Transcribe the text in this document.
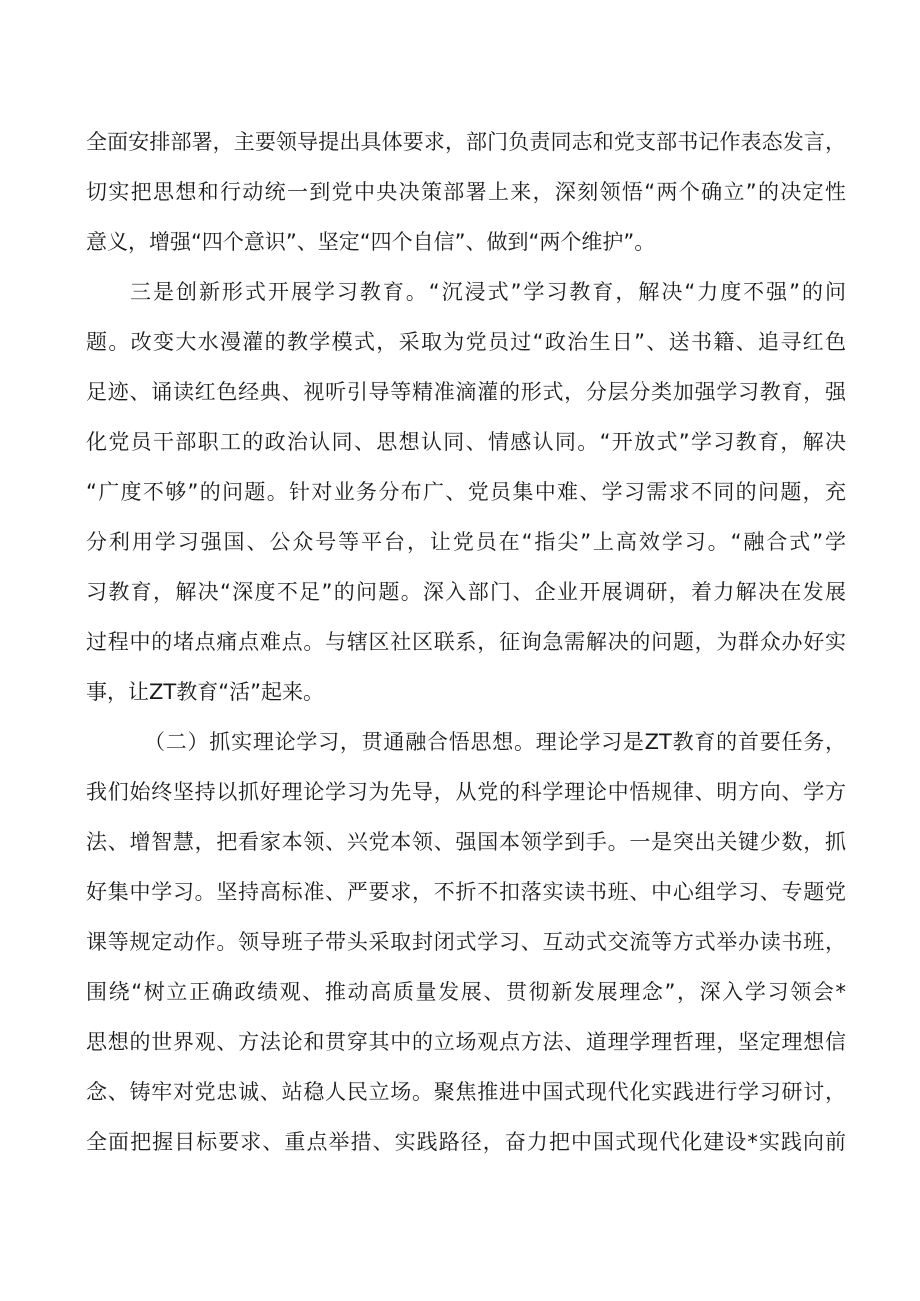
全面安排部署，主要领导提出具体要求，部门负责同志和党支部书记作表态发言，
切实把思想和行动统一到党中央决策部署上来，深刻领悟“两个确立”的决定性
意义，增强“四个意识”、坚定“四个自信”、做到“两个维护”。
三是创新形式开展学习教育。“沉浸式”学习教育，解决“力度不强”的问
题。改变大水漫灌的教学模式，采取为党员过“政治生日”、送书籍、追寻红色
足迹、诵读红色经典、视听引导等精准滴灌的形式，分层分类加强学习教育，强
化党员干部职工的政治认同、思想认同、情感认同。“开放式”学习教育，解决
“广度不够”的问题。针对业务分布广、党员集中难、学习需求不同的问题，充
分利用学习强国、公众号等平台，让党员在“指尖”上高效学习。“融合式”学
习教育，解决“深度不足”的问题。深入部门、企业开展调研，着力解决在发展
过程中的堵点痛点难点。与辖区社区联系，征询急需解决的问题，为群众办好实
事，让ZT教育“活”起来。
（二）抓实理论学习，贯通融合悟思想。理论学习是ZT教育的首要任务，
我们始终坚持以抓好理论学习为先导，从党的科学理论中悟规律、明方向、学方
法、增智慧，把看家本领、兴党本领、强国本领学到手。一是突出关键少数，抓
好集中学习。坚持高标准、严要求，不折不扣落实读书班、中心组学习、专题党
课等规定动作。领导班子带头采取封闭式学习、互动式交流等方式举办读书班，
围绕“树立正确政绩观、推动高质量发展、贯彻新发展理念”，深入学习领会*
思想的世界观、方法论和贯穿其中的立场观点方法、道理学理哲理，坚定理想信
念、铸牢对党忠诚、站稳人民立场。聚焦推进中国式现代化实践进行学习研讨，
全面把握目标要求、重点举措、实践路径，奋力把中国式现代化建设*实践向前
